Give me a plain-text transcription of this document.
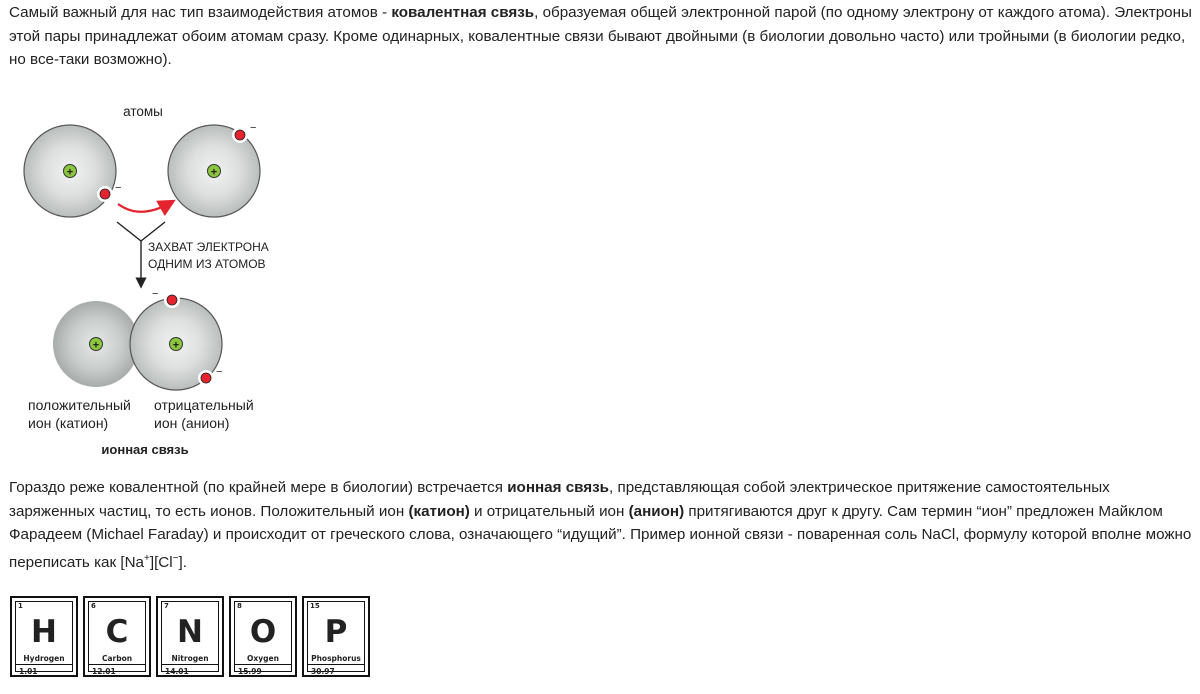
Самый важный для нас тип взаимодействия атомов - ковалентная связь, образуемая общей электронной парой (по одному электрону от каждого атома). Электроны этой пары принадлежат обоим атомам сразу. Кроме одинарных, ковалентные связи бывают двойными (в биологии довольно часто) или тройными (в биологии редко, но все-таки возможно).

атомы
+
−
+
−
ЗАХВАТ ЭЛЕКТРОНА
ОДНИМ ИЗ АТОМОВ
+	+
−
−
положительный
ион (катион)
отрицательный
ион (анион)
ионная связь

Гораздо реже ковалентной (по крайней мере в биологии) встречается ионная связь, представляющая собой электрическое притяжение самостоятельных заряженных частиц, то есть ионов. Положительный ион (катион) и отрицательный ион (анион) притягиваются друг к другу. Сам термин “ион” предложен Майклом Фарадеем (Michael Faraday) и происходит от греческого слова, означающего “идущий”. Пример ионной связи - поваренная соль NaCl, формулу которой вполне можно переписать как [Na+][Cl−].

1
H
Hydrogen
1.01
6
C
Carbon
12.01
7
N
Nitrogen
14.01
8
O
Oxygen
15.99
15
P
Phosphorus
30.97
